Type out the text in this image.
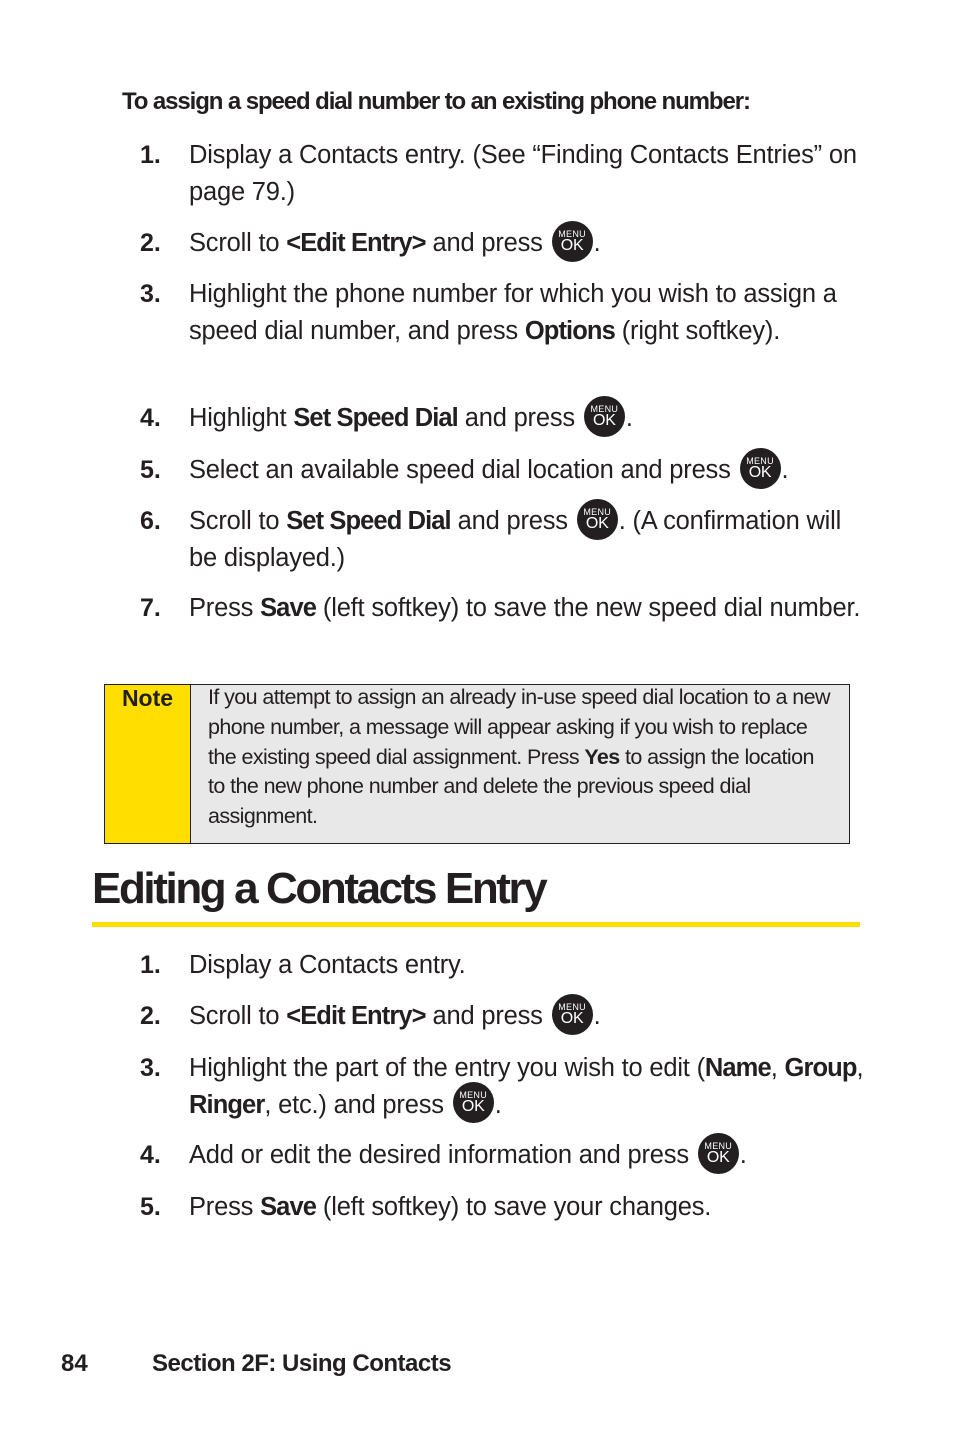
To assign a speed dial number to an existing phone number:
1.	Display a Contacts entry. (See “Finding Contacts Entries” on page 79.)
2.	Scroll to <Edit Entry> and press MENU
OK .
3.	Highlight the phone number for which you wish to assign a speed dial number, and press Options (right softkey).
4.	Highlight Set Speed Dial and press MENU
OK .
5.	Select an available speed dial location and press MENU
OK .
6.	Scroll to Set Speed Dial and press MENU
OK . (A confirmation will be displayed.)
7.	Press Save (left softkey) to save the new speed dial number.
Note	If you attempt to assign an already in-use speed dial location to a new phone number, a message will appear asking if you wish to replace the existing speed dial assignment. Press Yes to assign the location to the new phone number and delete the previous speed dial assignment.
Editing a Contacts Entry
1.	Display a Contacts entry.
2.	Scroll to <Edit Entry> and press MENU
OK .
3.	Highlight the part of the entry you wish to edit (Name, Group, Ringer, etc.) and press MENU
OK .
4.	Add or edit the desired information and press MENU
OK .
5.	Press Save (left softkey) to save your changes.
84	Section 2F: Using Contacts
